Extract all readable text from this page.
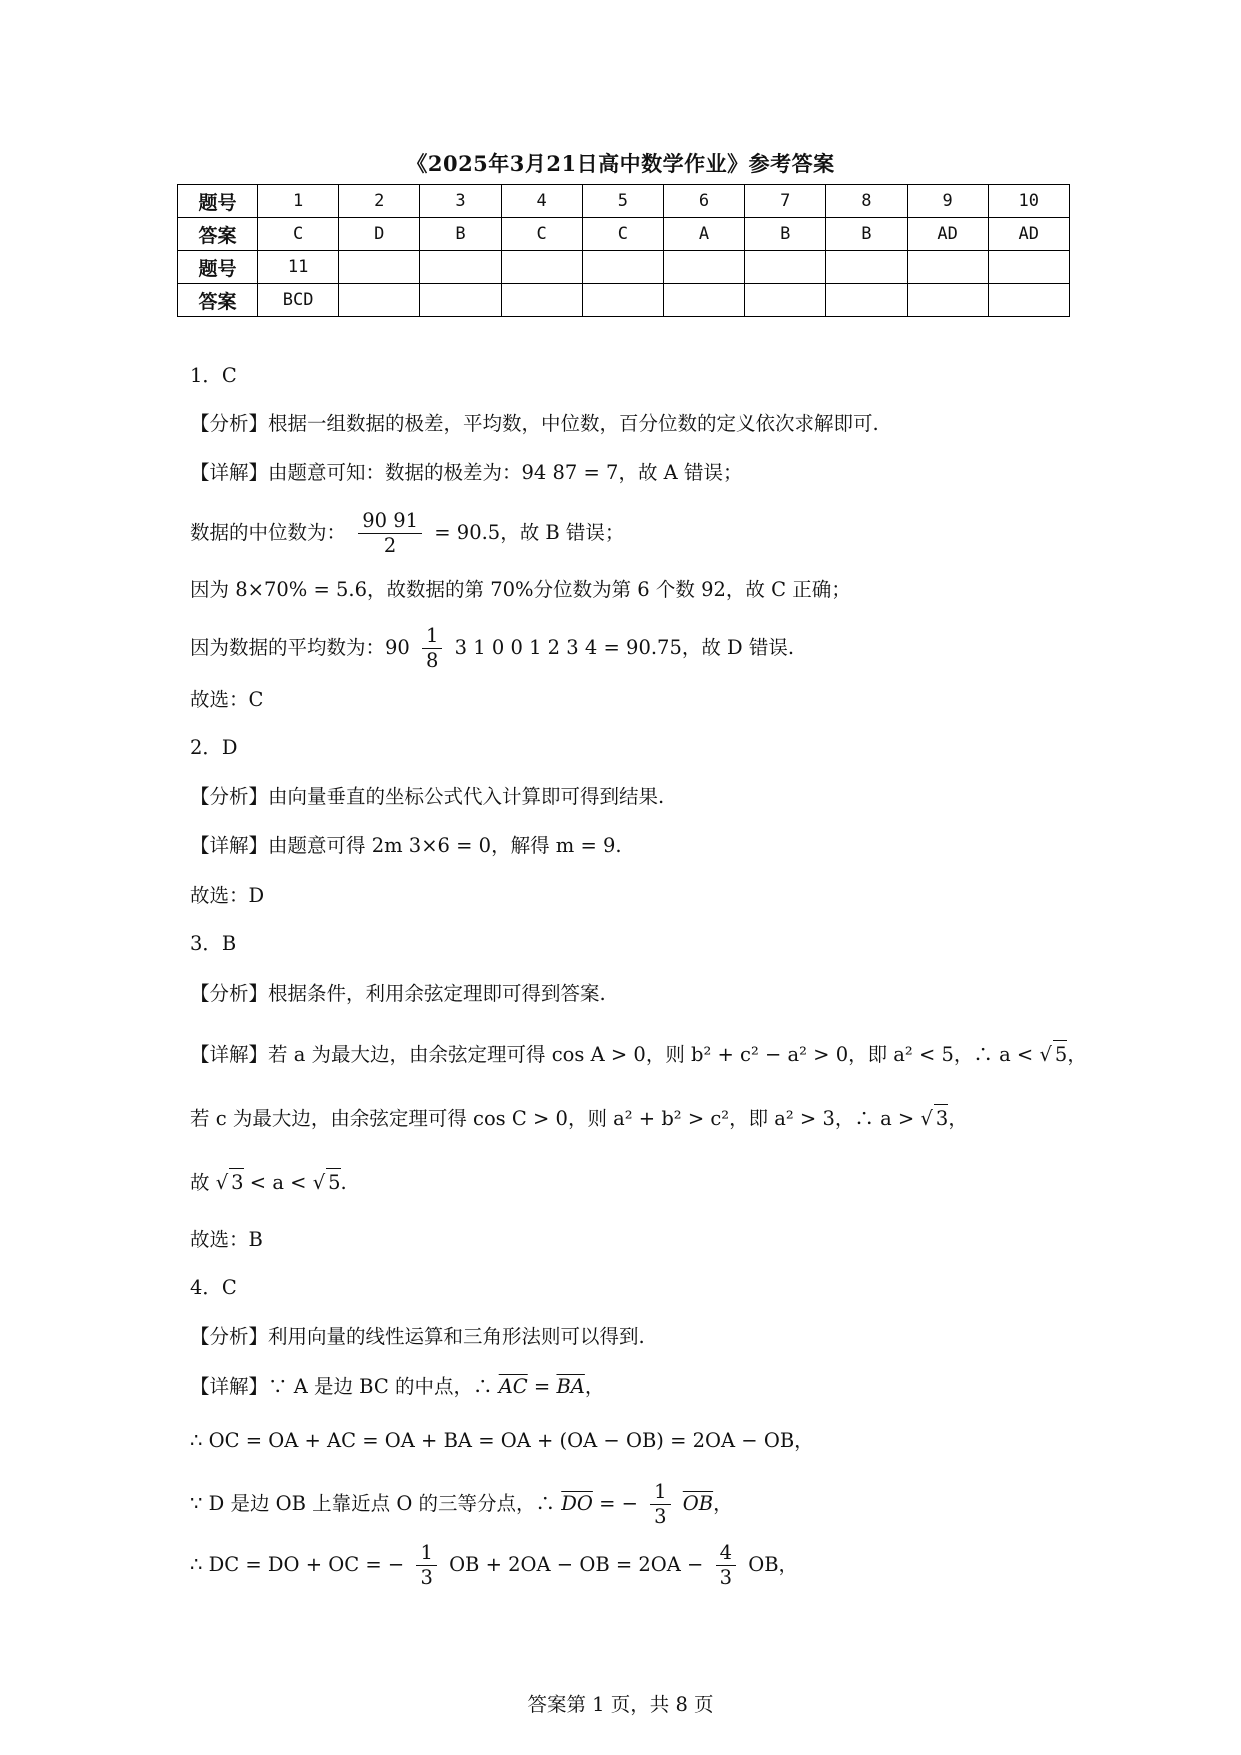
《2025年3月21日高中数学作业》参考答案
题号	1	2	3	4	5	6	7	8	9	10
答案	C	D	B	C	C	A	B	B	AD	AD
题号	11									
答案	BCD									
1．C
【分析】根据一组数据的极差，平均数，中位数，百分位数的定义依次求解即可.
【详解】由题意可知：数据的极差为：94 87 = 7，故 A 错误；
数据的中位数为： $\frac{90 91}{2} = 90.5$，故 B 错误；
因为 8×70% = 5.6，故数据的第 70%分位数为第 6 个数 92，故 C 正确；
因为数据的平均数为：$90 \frac{1}{8} 3$ 1 0 0 1 2 3 4 = 90.75，故 D 错误.
故选：C
2．D
【分析】由向量垂直的坐标公式代入计算即可得到结果.
【详解】由题意可得 2m 3×6 = 0，解得 m = 9.
故选：D
3．B
【分析】根据条件，利用余弦定理即可得到答案.
【详解】若 a 为最大边，由余弦定理可得 cos A > 0，则 b² + c² − a² > 0，即 a² < 5，∴ a < √ 5，
若 c 为最大边，由余弦定理可得 cos C > 0，则 a² + b² > c²，即 a² > 3，∴ a > √ 3，
故 √ 3 < a < √ 5.
故选：B
4．C
【分析】利用向量的线性运算和三角形法则可以得到.
【详解】∵ A 是边 BC 的中点，∴ $\overline{AC} = \overline{BA}$，
∴ OC = OA + AC = OA + BA = OA + (OA − OB) = 2OA − OB，
∵ D 是边 OB 上靠近点 O 的三等分点，∴ $\overline{DO}$ = − $\frac{1}{3} \overline{OB}$，
∴ DC = DO + OC = − $\frac{1}{3}$ OB + 2OA − OB = $2OA - \frac{4}{3}$ OB，
答案第 1 页，共 8 页
